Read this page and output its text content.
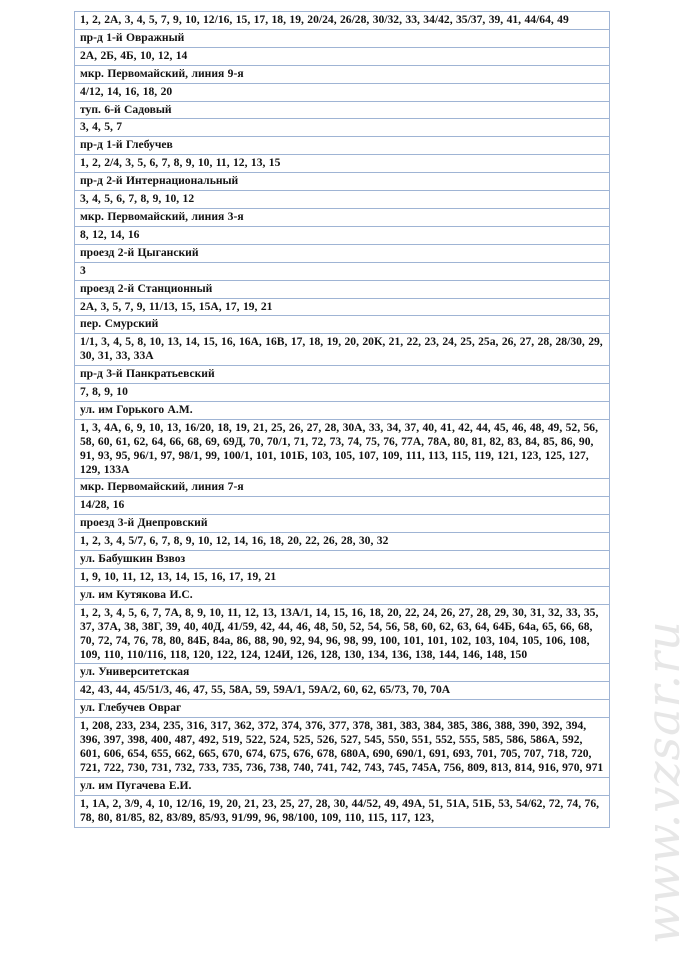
1, 2, 2А, 3, 4, 5, 7, 9, 10, 12/16, 15, 17, 18, 19, 20/24, 26/28, 30/32, 33, 34/42, 35/37, 39, 41, 44/64, 49
пр-д 1-й Овражный
2А, 2Б, 4Б, 10, 12, 14
мкр. Первомайский, линия 9-я
4/12, 14, 16, 18, 20
туп. 6-й Садовый
3, 4, 5, 7
пр-д 1-й Глебучев
1, 2, 2/4, 3, 5, 6, 7, 8, 9, 10, 11, 12, 13, 15
пр-д 2-й Интернациональный
3, 4, 5, 6, 7, 8, 9, 10, 12
мкр. Первомайский, линия 3-я
8, 12, 14, 16
проезд 2-й Цыганский
3
проезд 2-й Станционный
2А, 3, 5, 7, 9, 11/13, 15, 15А, 17, 19, 21
пер. Смурский
1/1, 3, 4, 5, 8, 10, 13, 14, 15, 16, 16А, 16В, 17, 18, 19, 20, 20К, 21, 22, 23, 24, 25, 25а, 26, 27, 28, 28/30, 29, 30, 31, 33, 33А
пр-д 3-й Панкратьевский
7, 8, 9, 10
ул. им Горького А.М.
1, 3, 4А, 6, 9, 10, 13, 16/20, 18, 19, 21, 25, 26, 27, 28, 30А, 33, 34, 37, 40, 41, 42, 44, 45, 46, 48, 49, 52, 56, 58, 60, 61, 62, 64, 66, 68, 69, 69Д, 70, 70/1, 71, 72, 73, 74, 75, 76, 77А, 78А, 80, 81, 82, 83, 84, 85, 86, 90, 91, 93, 95, 96/1, 97, 98/1, 99, 100/1, 101, 101Б, 103, 105, 107, 109, 111, 113, 115, 119, 121, 123, 125, 127, 129, 133А
мкр. Первомайский, линия 7-я
14/28, 16
проезд 3-й Днепровский
1, 2, 3, 4, 5/7, 6, 7, 8, 9, 10, 12, 14, 16, 18, 20, 22, 26, 28, 30, 32
ул. Бабушкин Взвоз
1, 9, 10, 11, 12, 13, 14, 15, 16, 17, 19, 21
ул. им Кутякова И.С.
1, 2, 3, 4, 5, 6, 7, 7А, 8, 9, 10, 11, 12, 13, 13А/1, 14, 15, 16, 18, 20, 22, 24, 26, 27, 28, 29, 30, 31, 32, 33, 35, 37, 37А, 38, 38Г, 39, 40, 40Д, 41/59, 42, 44, 46, 48, 50, 52, 54, 56, 58, 60, 62, 63, 64, 64Б, 64а, 65, 66, 68, 70, 72, 74, 76, 78, 80, 84Б, 84а, 86, 88, 90, 92, 94, 96, 98, 99, 100, 101, 101, 102, 103, 104, 105, 106, 108, 109, 110, 110/116, 118, 120, 122, 124, 124И, 126, 128, 130, 134, 136, 138, 144, 146, 148, 150
ул. Университетская
42, 43, 44, 45/51/3, 46, 47, 55, 58А, 59, 59А/1, 59А/2, 60, 62, 65/73, 70, 70А
ул. Глебучев Овраг
1, 208, 233, 234, 235, 316, 317, 362, 372, 374, 376, 377, 378, 381, 383, 384, 385, 386, 388, 390, 392, 394, 396, 397, 398, 400, 487, 492, 519, 522, 524, 525, 526, 527, 545, 550, 551, 552, 555, 585, 586, 586А, 592, 601, 606, 654, 655, 662, 665, 670, 674, 675, 676, 678, 680А, 690, 690/1, 691, 693, 701, 705, 707, 718, 720, 721, 722, 730, 731, 732, 733, 735, 736, 738, 740, 741, 742, 743, 745, 745А, 756, 809, 813, 814, 916, 970, 971
ул. им Пугачева Е.И.
1, 1А, 2, 3/9, 4, 10, 12/16, 19, 20, 21, 23, 25, 27, 28, 30, 44/52, 49, 49А, 51, 51А, 51Б, 53, 54/62, 72, 74, 76, 78, 80, 81/85, 82, 83/89, 85/93, 91/99, 96, 98/100, 109, 110, 115, 117, 123,	www.vzsar.ru
